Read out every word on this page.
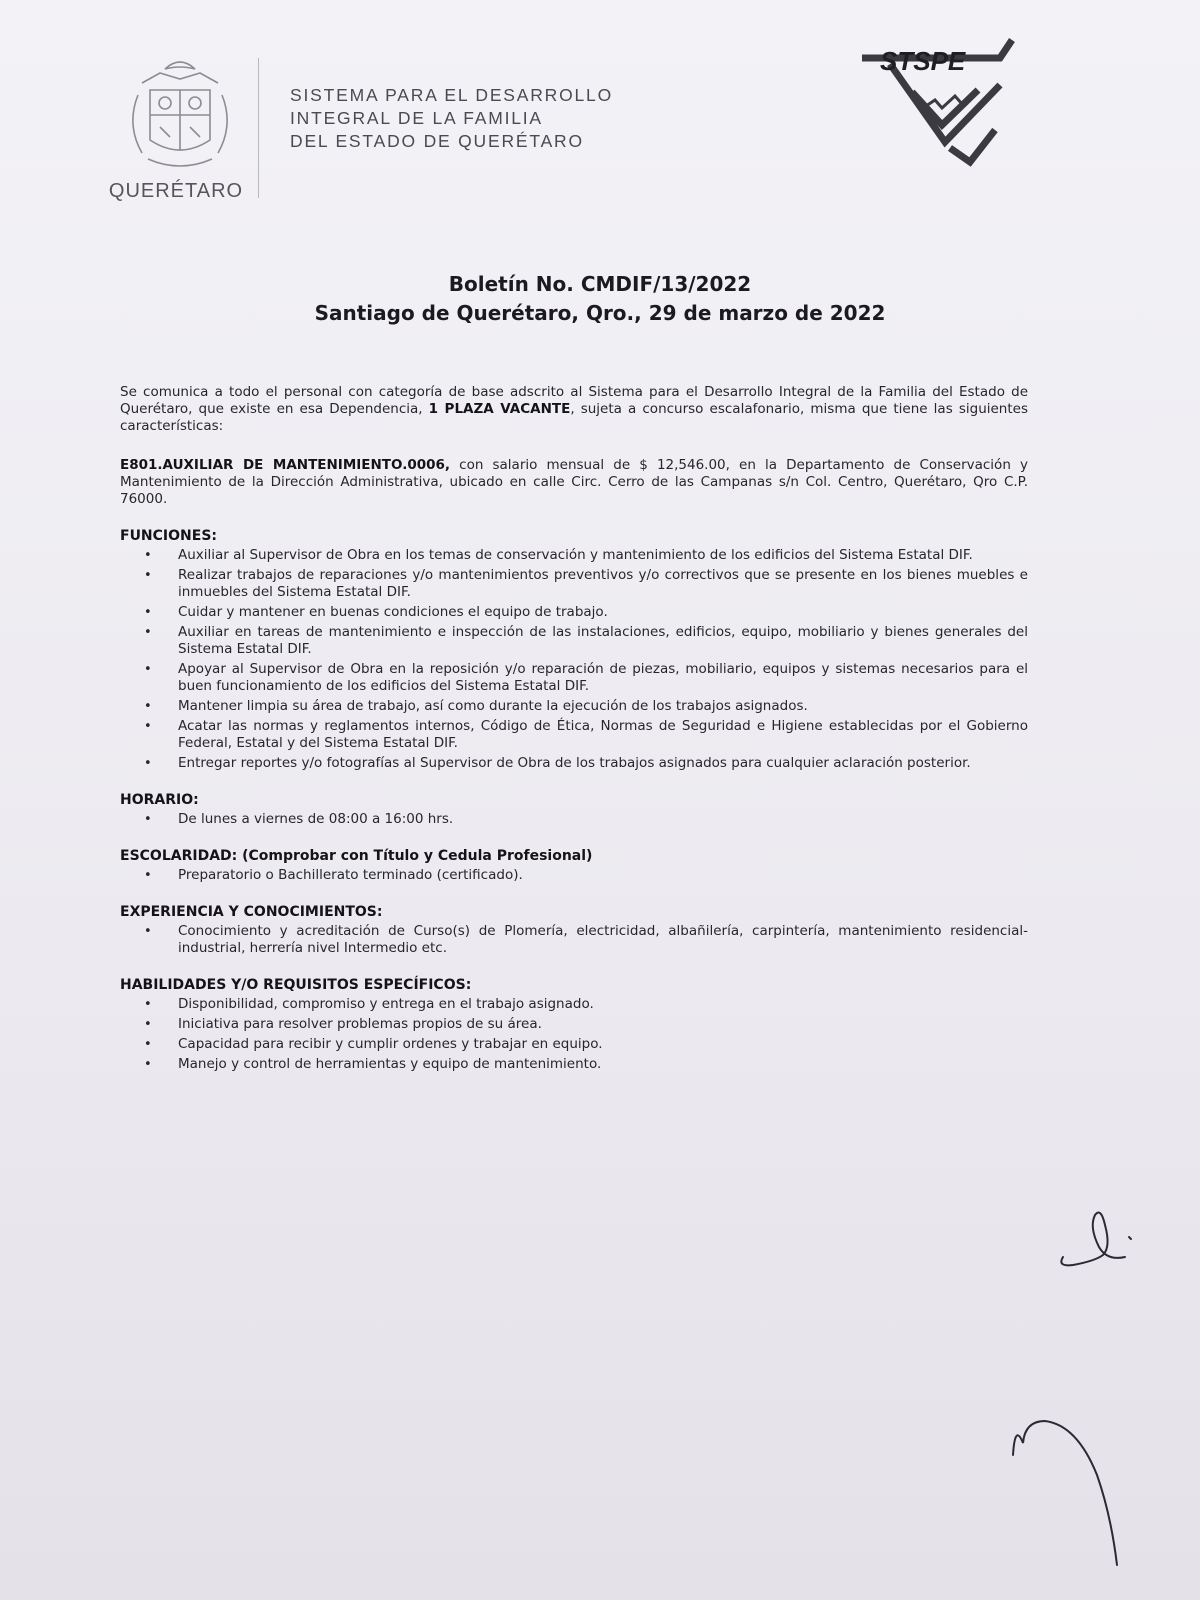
QUERÉTARO
SISTEMA PARA EL DESARROLLO
INTEGRAL DE LA FAMILIA
DEL ESTADO DE QUERÉTARO
STSPE
Boletín No. CMDIF/13/2022
Santiago de Querétaro, Qro., 29 de marzo de 2022

Se comunica a todo el personal con categoría de base adscrito al Sistema para el Desarrollo Integral de la Familia del Estado de Querétaro, que existe en esa Dependencia, 1 PLAZA VACANTE, sujeta a concurso escalafonario, misma que tiene las siguientes características:

E801.AUXILIAR DE MANTENIMIENTO.0006, con salario mensual de $ 12,546.00, en la Departamento de Conservación y Mantenimiento de la Dirección Administrativa, ubicado en calle Circ. Cerro de las Campanas s/n Col. Centro, Querétaro, Qro C.P. 76000.

FUNCIONES:
• Auxiliar al Supervisor de Obra en los temas de conservación y mantenimiento de los edificios del Sistema Estatal DIF.
• Realizar trabajos de reparaciones y/o mantenimientos preventivos y/o correctivos que se presente en los bienes muebles e inmuebles del Sistema Estatal DIF.
• Cuidar y mantener en buenas condiciones el equipo de trabajo.
• Auxiliar en tareas de mantenimiento e inspección de las instalaciones, edificios, equipo, mobiliario y bienes generales del Sistema Estatal DIF.
• Apoyar al Supervisor de Obra en la reposición y/o reparación de piezas, mobiliario, equipos y sistemas necesarios para el buen funcionamiento de los edificios del Sistema Estatal DIF.
• Mantener limpia su área de trabajo, así como durante la ejecución de los trabajos asignados.
• Acatar las normas y reglamentos internos, Código de Ética, Normas de Seguridad e Higiene establecidas por el Gobierno Federal, Estatal y del Sistema Estatal DIF.
• Entregar reportes y/o fotografías al Supervisor de Obra de los trabajos asignados para cualquier aclaración posterior.
HORARIO:
• De lunes a viernes de 08:00 a 16:00 hrs.
ESCOLARIDAD: (Comprobar con Título y Cedula Profesional)
• Preparatorio o Bachillerato terminado (certificado).
EXPERIENCIA Y CONOCIMIENTOS:
• Conocimiento y acreditación de Curso(s) de Plomería, electricidad, albañilería, carpintería, mantenimiento residencial-industrial, herrería nivel Intermedio etc.
HABILIDADES Y/O REQUISITOS ESPECÍFICOS:
• Disponibilidad, compromiso y entrega en el trabajo asignado.
• Iniciativa para resolver problemas propios de su área.
• Capacidad para recibir y cumplir ordenes y trabajar en equipo.
• Manejo y control de herramientas y equipo de mantenimiento.
